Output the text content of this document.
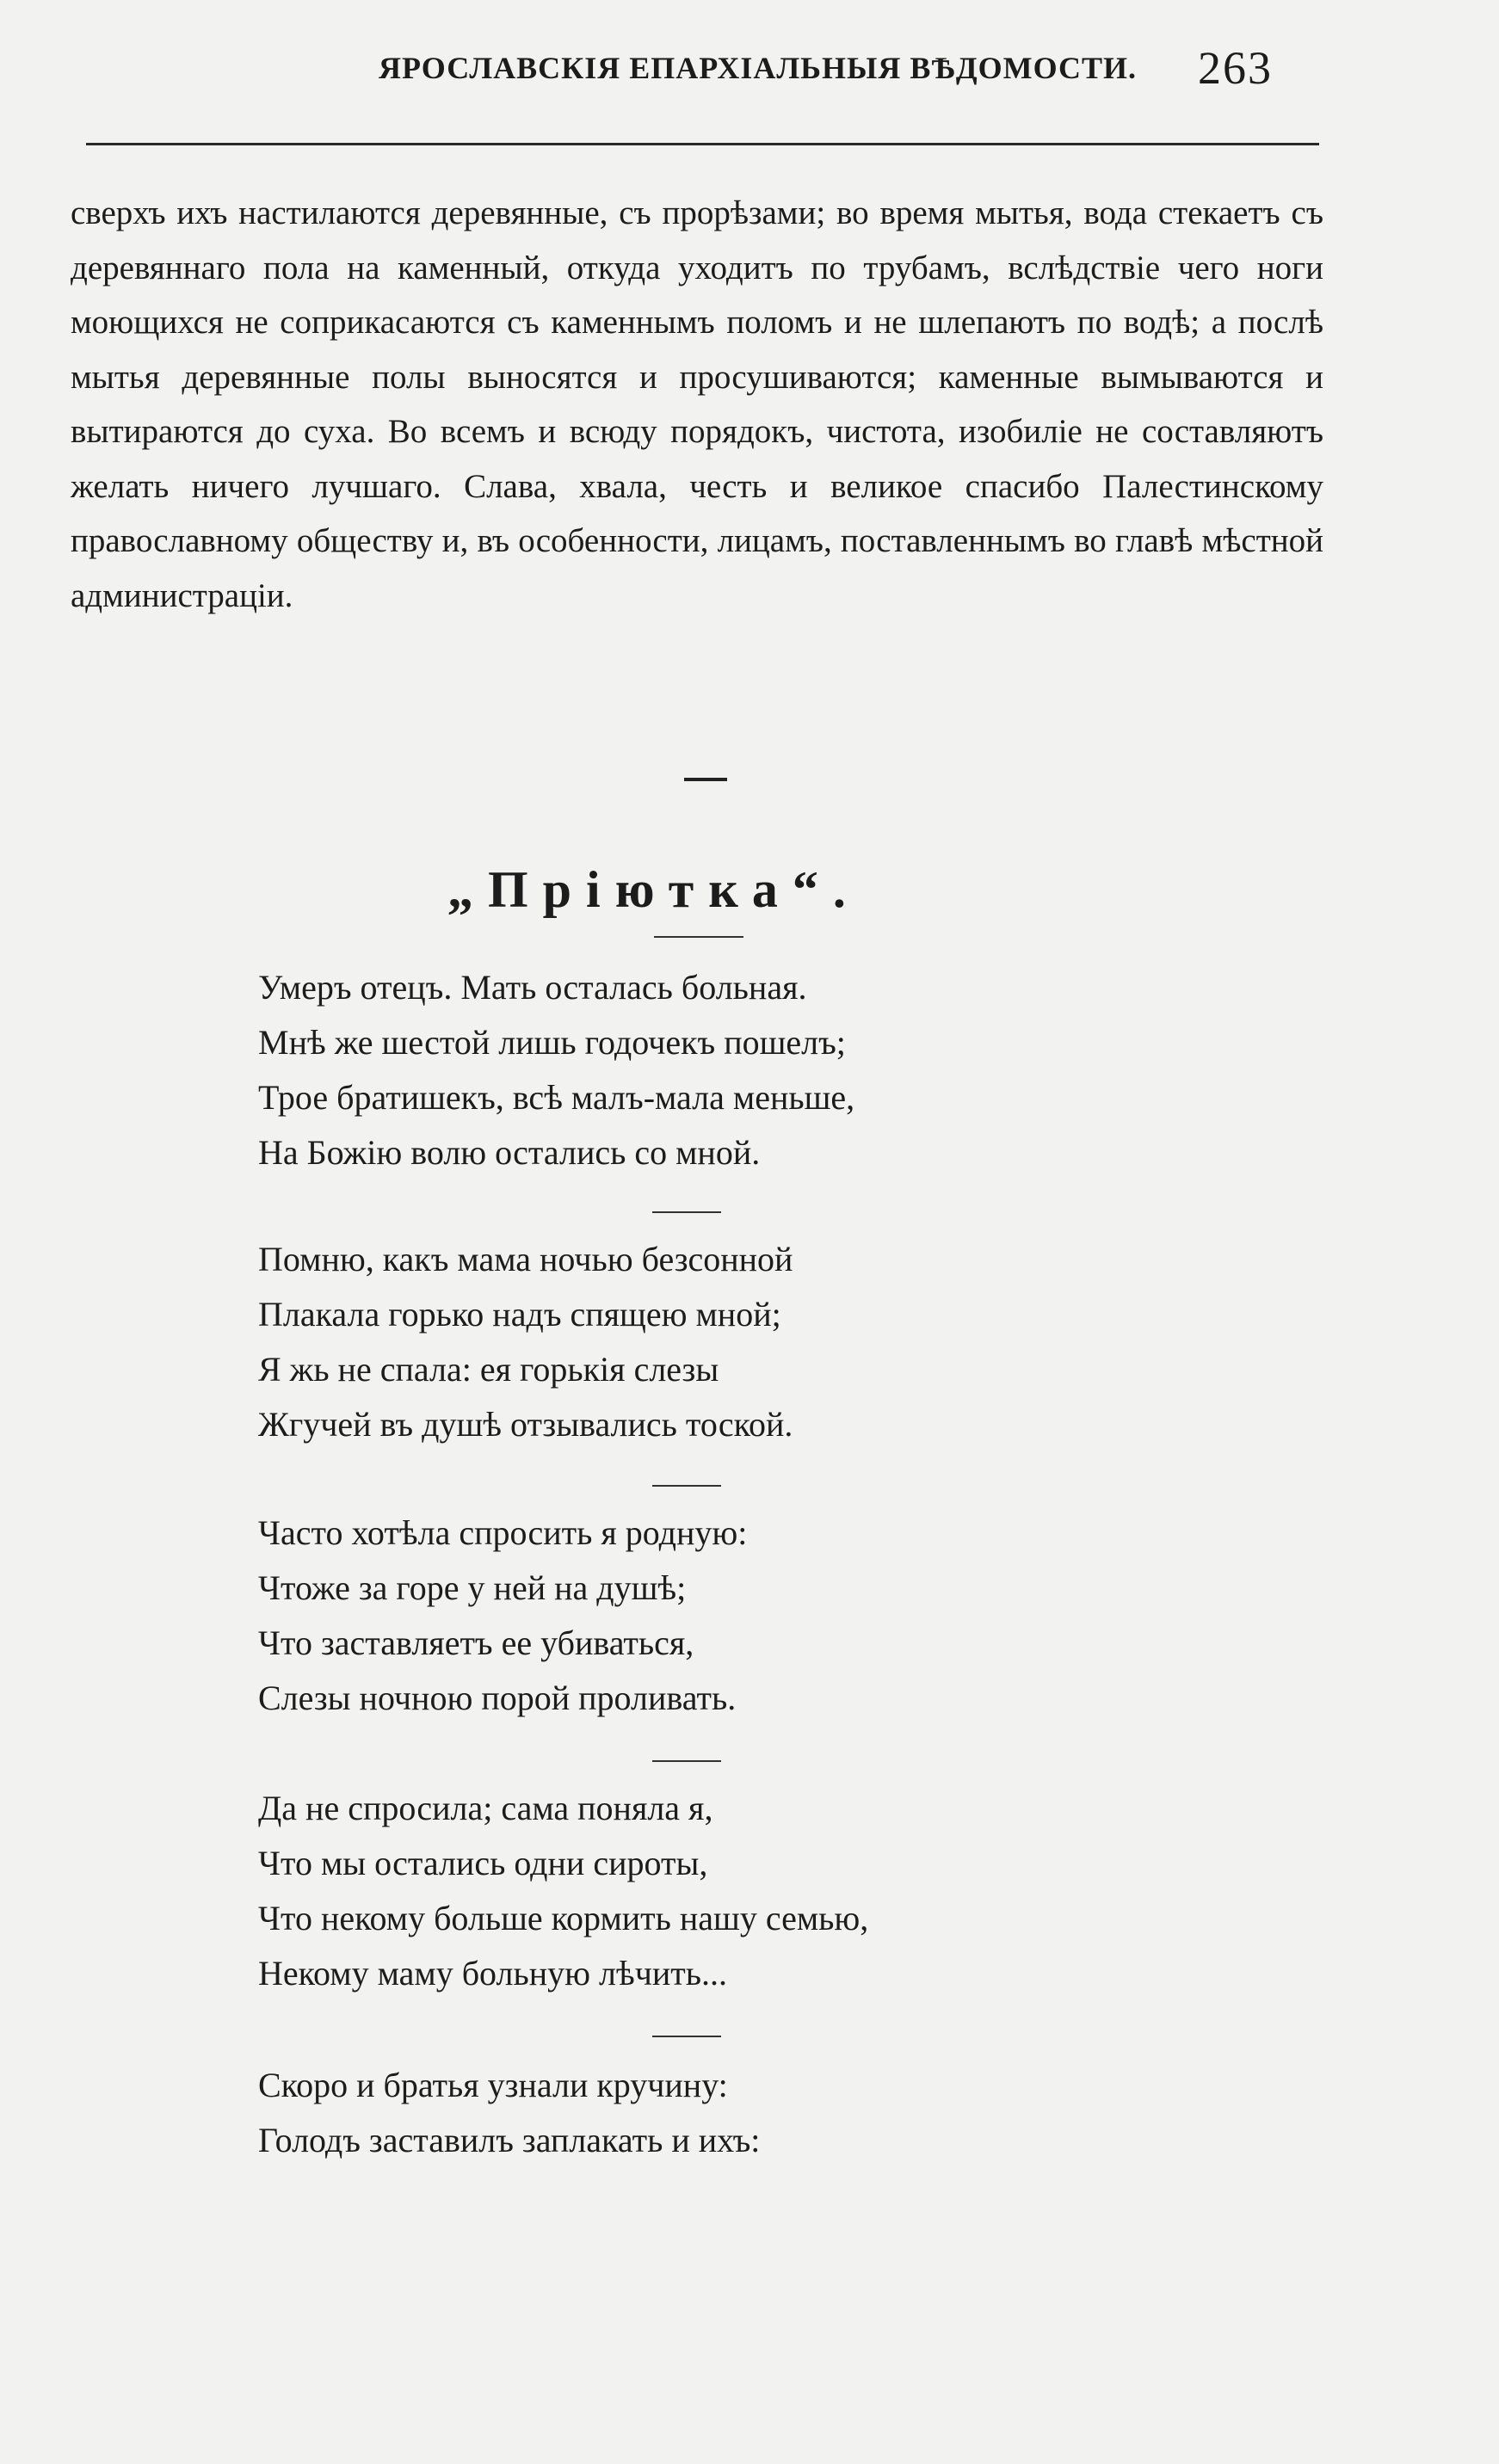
ЯРОСЛАВСКІЯ ЕПАРХІАЛЬНЫЯ ВѢДОМОСТИ. 263

сверхъ ихъ настилаются деревянные, съ прорѣзами; во время мытья, вода стекаетъ съ деревяннаго пола на каменный, откуда уходитъ по трубамъ, вслѣдствіе чего ноги моющихся не соприкасаются съ каменнымъ поломъ и не шлепаютъ по водѣ; а послѣ мытья деревянные полы выносятся и просушиваются; каменные вымываются и вытираются до суха. Во всемъ и всюду порядокъ, чистота, изобиліе не составляютъ желать ничего лучшаго. Слава, хвала, честь и великое спасибо Палестинскому православному обществу и, въ особенности, лицамъ, поставленнымъ во главѣ мѣстной администраціи.

„Пріютка“.
Умеръ отецъ. Мать осталась больная.
Мнѣ же шестой лишь годочекъ пошелъ;
Трое братишекъ, всѣ малъ-мала меньше,
На Божію волю остались со мной.
Помню, какъ мама ночью безсонной
Плакала горько надъ спящею мной;
Я жь не спала: ея горькія слезы
Жгучей въ душѣ отзывались тоской.
Часто хотѣла спросить я родную:
Чтоже за горе у ней на душѣ;
Что заставляетъ ее убиваться,
Слезы ночною порой проливать.
Да не спросила; сама поняла я,
Что мы остались одни сироты,
Что некому больше кормить нашу семью,
Некому маму больную лѣчить...
Скоро и братья узнали кручину:
Голодъ заставилъ заплакать и ихъ:
